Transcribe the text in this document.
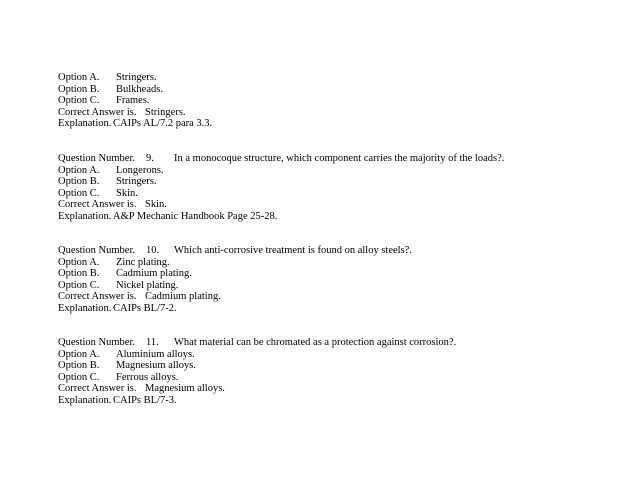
Option A. Stringers.
Option B. Bulkheads.
Option C. Frames.
Correct Answer is. Stringers.
Explanation. CAIPs AL/7.2 para 3.3.
Question Number. 9. In a monocoque structure, which component carries the majority of the loads?.
Option A. Longerons.
Option B. Stringers.
Option C. Skin.
Correct Answer is. Skin.
Explanation. A&P Mechanic Handbook Page 25-28.
Question Number. 10. Which anti-corrosive treatment is found on alloy steels?.
Option A. Zinc plating.
Option B. Cadmium plating.
Option C. Nickel plating.
Correct Answer is. Cadmium plating.
Explanation. CAIPs BL/7-2.
Question Number. 11. What material can be chromated as a protection against corrosion?.
Option A. Aluminium alloys.
Option B. Magnesium alloys.
Option C. Ferrous alloys.
Correct Answer is. Magnesium alloys.
Explanation. CAIPs BL/7-3.
